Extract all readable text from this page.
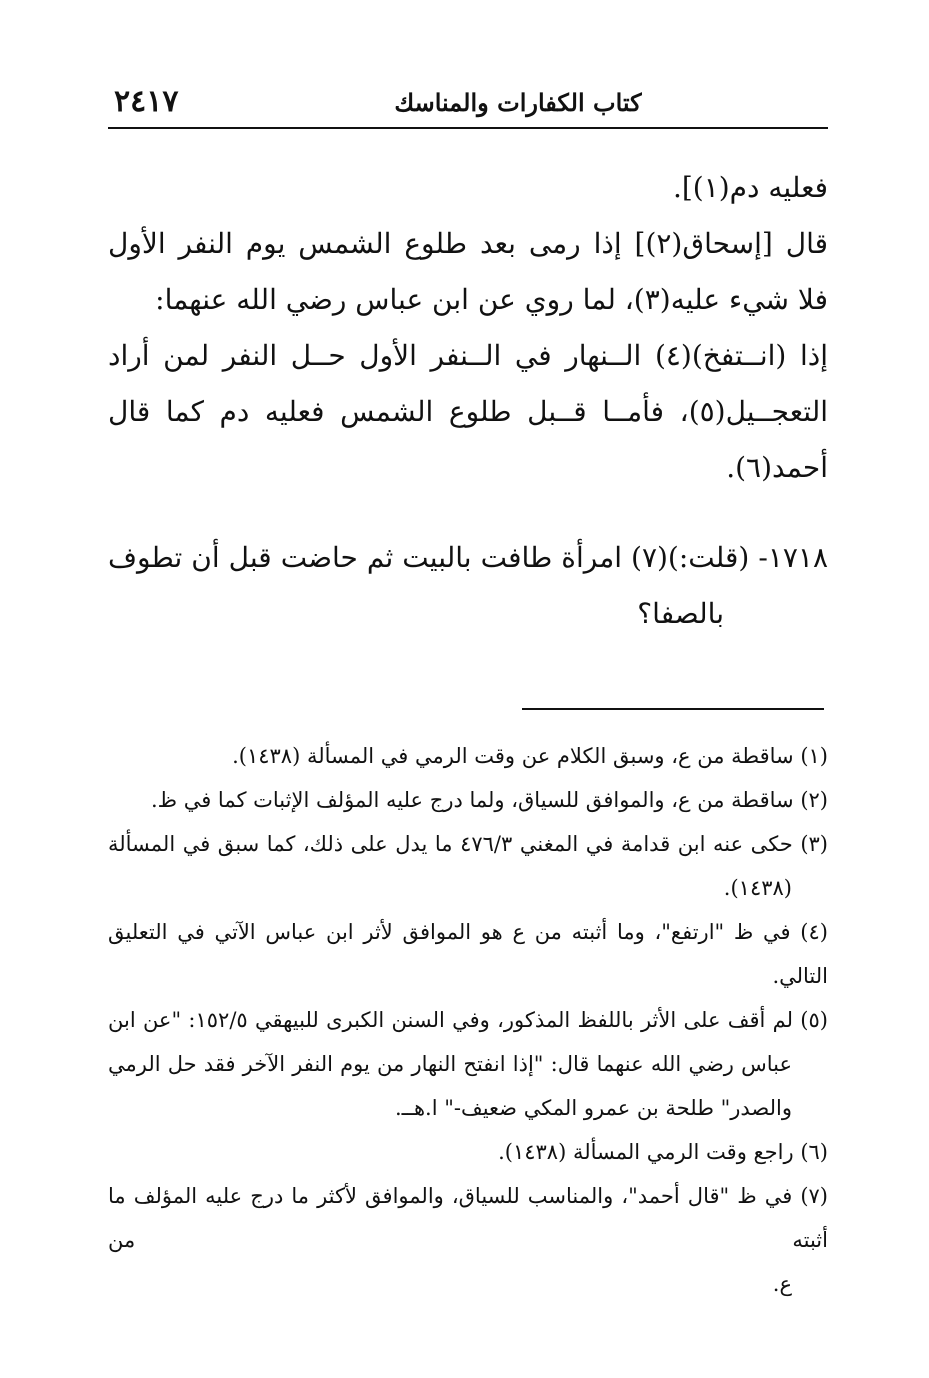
٢٤١٧	كتاب الكفارات والمناسك

فعليه دم(١)].

قال [إسحاق(٢)] إذا رمى بعد طلوع الشمس يوم النفر الأول

فلا شيء عليه(٣)، لما روي عن ابن عباس رضي الله عنهما:

إذا (انــتفخ)(٤) الــنهار في الــنفر الأول حــل النفر لمن أراد

التعجــيل(٥)، فأمــا قــبل طلوع الشمس فعليه دم كما قال

أحمد(٦).

١٧١٨- (قلت:)(٧) امرأة طافت بالبيت ثم حاضت قبل أن تطوف

بالصفا؟

(١) ساقطة من ع، وسبق الكلام عن وقت الرمي في المسألة (١٤٣٨).

(٢) ساقطة من ع، والموافق للسياق، ولما درج عليه المؤلف الإثبات كما في ظ.

(٣) حكى عنه ابن قدامة في المغني ٤٧٦/٣ ما يدل على ذلك، كما سبق في المسألة

(١٤٣٨).

(٤) في ظ "ارتفع"، وما أثبته من ع هو الموافق لأثر ابن عباس الآتي في التعليق التالي.

(٥) لم أقف على الأثر باللفظ المذكور، وفي السنن الكبرى للبيهقي ١٥٢/٥: "عن ابن

عباس رضي الله عنهما قال: "إذا انفتح النهار من يوم النفر الآخر فقد حل الرمي

والصدر" طلحة بن عمرو المكي ضعيف-" ا.هــ.

(٦) راجع وقت الرمي المسألة (١٤٣٨).

(٧) في ظ "قال أحمد"، والمناسب للسياق، والموافق لأكثر ما درج عليه المؤلف ما أثبته من

ع.
